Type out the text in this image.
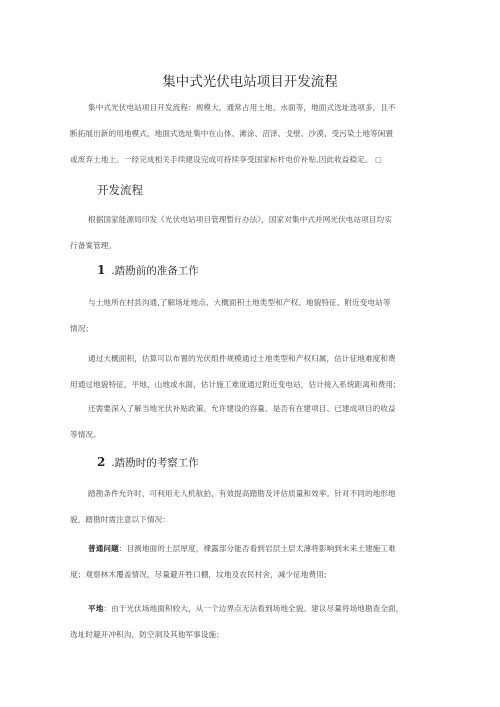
集中式光伏电站项目开发流程
集中式光伏电站项目开发流程：规模大，通常占用土地、水面等，地面式选址选项多，且不
断拓展出新的用地模式，地面式选址集中在山体、滩涂、沼泽、戈壁、沙漠、受污染土地等闲置
或废弃土地上。一经完成相关手续建设完成可持续享受国家标杆电价补贴,因此收益稳定。 □
开发流程
根据国家能源局印发《光伏电站项目管理暂行办法》，国家对集中式并网光伏电站项目均实
行备案管理。
1 .踏勘前的准备工作
与土地所在村县沟通,了解场址地点、大概面积土地类型和产权、地貌特征、附近变电站等
情况；
通过大概面积，估算可以布置的光伏组件规模通过土地类型和产权归属，估计征地难度和费
用通过地貌特征，平地、山地或水面，估计施工难度通过附近变电站，估计接入系统距离和费用;
还需要深入了解当地光伏补贴政策、允许建设的容量、是否有在建项目、已建成项目的收益
等情况。
2 .踏勘时的考察工作
踏勘条件允许时，可利用无人机航拍，有效提高踏勘及评估质量和效率。针对不同的地形地
貌，踏勘时需注意以下情况：
普通问题：目测地面的土层厚度，裸露部分能否看到岩层土层太薄将影响到未来土建施工难
度；观察林木覆盖情况，尽量避开牲口棚，坟地及农民村舍，减少征地费用;
平地：由于光伏场地面积较大，从一个边界点无法看到场地全貌。建议尽量将场地勘查全面，
选址时避开冲积沟，防空洞及其他军事设施；
